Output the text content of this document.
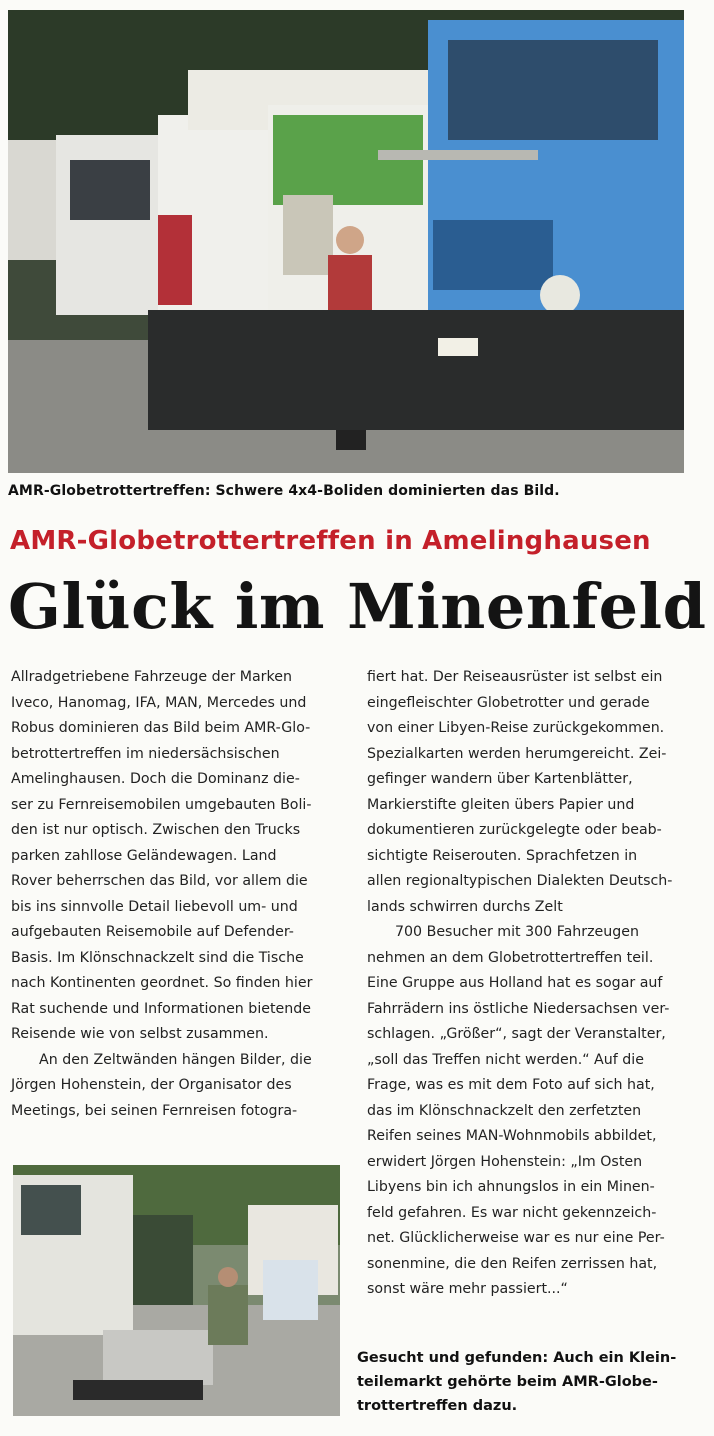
AMR-Globetrottertreffen: Schwere 4x4-Boliden dominierten das Bild.
AMR-Globetrottertreffen in Amelinghausen
Glück im Minenfeld
Allradgetriebene Fahrzeuge der Marken
Iveco, Hanomag, IFA, MAN, Mercedes und
Robus dominieren das Bild beim AMR-Glo-
betrottertreffen im niedersächsischen
Amelinghausen. Doch die Dominanz die-
ser zu Fernreisemobilen umgebauten Boli-
den ist nur optisch. Zwischen den Trucks
parken zahllose Geländewagen. Land
Rover beherrschen das Bild, vor allem die
bis ins sinnvolle Detail liebevoll um- und
aufgebauten Reisemobile auf Defender-
Basis. Im Klönschnackzelt sind die Tische
nach Kontinenten geordnet. So finden hier
Rat suchende und Informationen bietende
Reisende wie von selbst zusammen.
An den Zeltwänden hängen Bilder, die
Jörgen Hohenstein, der Organisator des
Meetings, bei seinen Fernreisen fotogra-
fiert hat. Der Reiseausrüster ist selbst ein
eingefleischter Globetrotter und gerade
von einer Libyen-Reise zurückgekommen.
Spezialkarten werden herumgereicht. Zei-
gefinger wandern über Kartenblätter,
Markierstifte gleiten übers Papier und
dokumentieren zurückgelegte oder beab-
sichtigte Reiserouten. Sprachfetzen in
allen regionaltypischen Dialekten Deutsch-
lands schwirren durchs Zelt
700 Besucher mit 300 Fahrzeugen
nehmen an dem Globetrottertreffen teil.
Eine Gruppe aus Holland hat es sogar auf
Fahrrädern ins östliche Niedersachsen ver-
schlagen. „Größer“, sagt der Veranstalter,
„soll das Treffen nicht werden.“ Auf die
Frage, was es mit dem Foto auf sich hat,
das im Klönschnackzelt den zerfetzten
Reifen seines MAN-Wohnmobils abbildet,
erwidert Jörgen Hohenstein: „Im Osten
Libyens bin ich ahnungslos in ein Minen-
feld gefahren. Es war nicht gekennzeich-
net. Glücklicherweise war es nur eine Per-
sonenmine, die den Reifen zerrissen hat,
sonst wäre mehr passiert...“
Gesucht und gefunden: Auch ein Klein-
teilemarkt gehörte beim AMR-Globe-
trottertreffen dazu.
